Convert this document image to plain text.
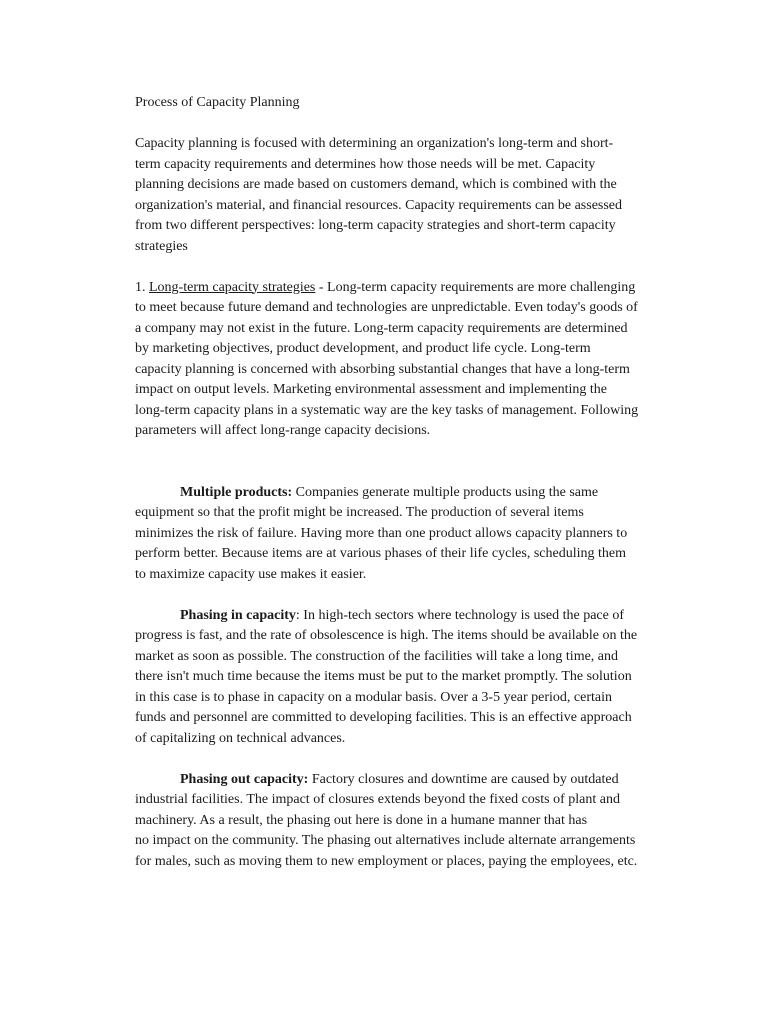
Process of Capacity Planning
Capacity planning is focused with determining an organization's long-term and short-
term capacity requirements and determines how those needs will be met. Capacity
planning decisions are made based on customers demand, which is combined with the
organization's material, and financial resources. Capacity requirements can be assessed
from two different perspectives: long-term capacity strategies and short-term capacity
strategies
1. Long-term capacity strategies - Long-term capacity requirements are more challenging
to meet because future demand and technologies are unpredictable. Even today's goods of
a company may not exist in the future. Long-term capacity requirements are determined
by marketing objectives, product development, and product life cycle. Long-term
capacity planning is concerned with absorbing substantial changes that have a long-term
impact on output levels. Marketing environmental assessment and implementing the
long-term capacity plans in a systematic way are the key tasks of management. Following
parameters will affect long-range capacity decisions.
Multiple products: Companies generate multiple products using the same
equipment so that the profit might be increased. The production of several items
minimizes the risk of failure. Having more than one product allows capacity planners to
perform better. Because items are at various phases of their life cycles, scheduling them
to maximize capacity use makes it easier.
Phasing in capacity: In high-tech sectors where technology is used the pace of
progress is fast, and the rate of obsolescence is high. The items should be available on the
market as soon as possible. The construction of the facilities will take a long time, and
there isn't much time because the items must be put to the market promptly. The solution
in this case is to phase in capacity on a modular basis. Over a 3-5 year period, certain
funds and personnel are committed to developing facilities. This is an effective approach
of capitalizing on technical advances.
Phasing out capacity: Factory closures and downtime are caused by outdated
industrial facilities. The impact of closures extends beyond the fixed costs of plant and
machinery. As a result, the phasing out here is done in a humane manner that has
no impact on the community. The phasing out alternatives include alternate arrangements
for males, such as moving them to new employment or places, paying the employees, etc.
